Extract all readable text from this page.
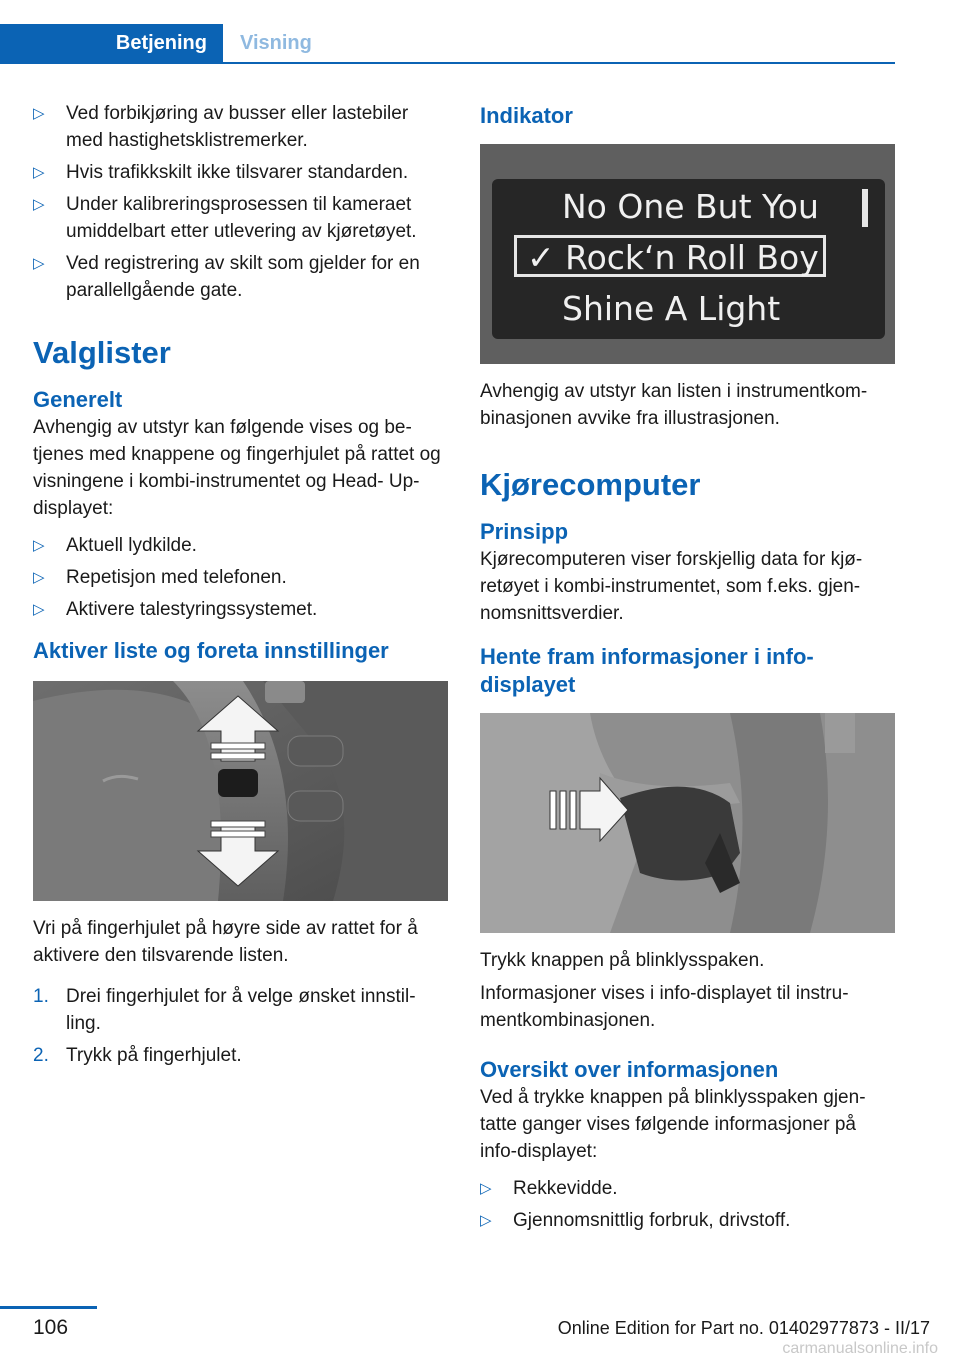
Betjening	Visning
▷ Ved forbikjøring av busser eller lastebiler med hastighetsklistremerker.
▷ Hvis trafikkskilt ikke tilsvarer standarden.
▷ Under kalibreringsprosessen til kameraet umiddelbart etter utlevering av kjøretøyet.
▷ Ved registrering av skilt som gjelder for en parallellgående gate.
Valglister
Generelt

Avhengig av utstyr kan følgende vises og be- tjenes med knappene og fingerhjulet på rattet og visningene i kombi-instrumentet og Head- Up-displayet:

▷ Aktuell lydkilde.
▷ Repetisjon med telefonen.
▷ Aktivere talestyringssystemet.
Aktiver liste og foreta innstillinger

Vri på fingerhjulet på høyre side av rattet for å aktivere den tilsvarende listen.

1. Drei fingerhjulet for å velge ønsket innstil- ling.
2. Trykk på fingerhjulet.
Indikator
No One But You
✓ Rock‘n Roll Boy
Shine A Light

Avhengig av utstyr kan listen i instrumentkom- binasjonen avvike fra illustrasjonen.

Kjørecomputer
Prinsipp

Kjørecomputeren viser forskjellig data for kjø- retøyet i kombi-instrumentet, som f.eks. gjen- nomsnittsverdier.

Hente fram informasjoner i info- displayet

Trykk knappen på blinklysspaken.

Informasjoner vises i info-displayet til instru- mentkombinasjonen.

Oversikt over informasjonen

Ved å trykke knappen på blinklysspaken gjen- tatte ganger vises følgende informasjoner på info-displayet:

▷ Rekkevidde.
▷ Gjennomsnittlig forbruk, drivstoff.
106	Online Edition for Part no. 01402977873 - II/17
carmanualsonline.info
